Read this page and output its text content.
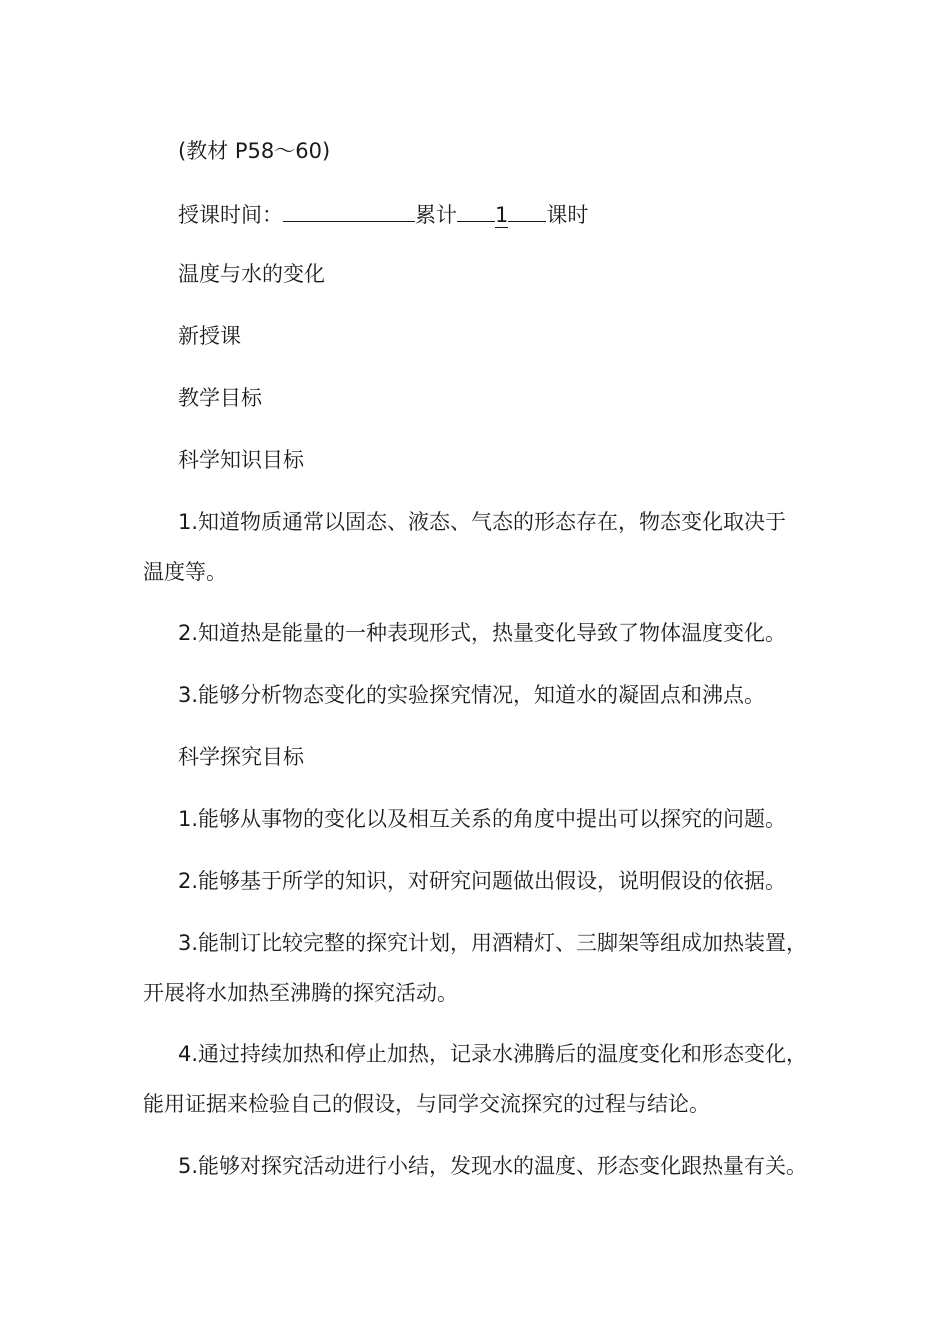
(教材 P58～60)
授课时间：	累计 1 课时
温度与水的变化
新授课
教学目标
科学知识目标
1.知道物质通常以固态、液态、气态的形态存在，物态变化取决于
温度等。
2.知道热是能量的一种表现形式，热量变化导致了物体温度变化。
3.能够分析物态变化的实验探究情况，知道水的凝固点和沸点。
科学探究目标
1.能够从事物的变化以及相互关系的角度中提出可以探究的问题。
2.能够基于所学的知识，对研究问题做出假设，说明假设的依据。
3.能制订比较完整的探究计划，用酒精灯、三脚架等组成加热装置，
开展将水加热至沸腾的探究活动。
4.通过持续加热和停止加热，记录水沸腾后的温度变化和形态变化，
能用证据来检验自己的假设，与同学交流探究的过程与结论。
5.能够对探究活动进行小结，发现水的温度、形态变化跟热量有关。
